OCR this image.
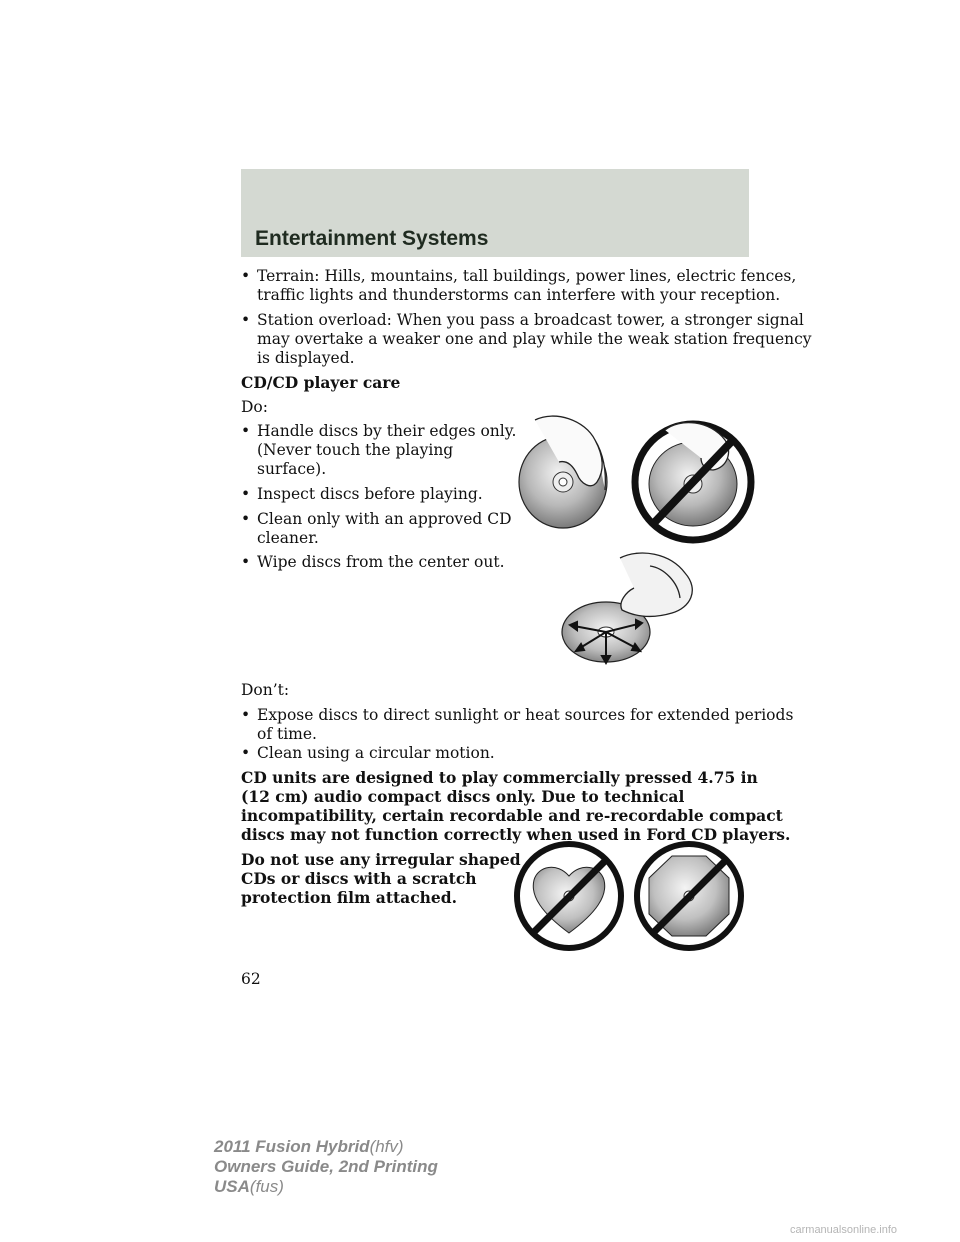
Entertainment Systems
• Terrain: Hills, mountains, tall buildings, power lines, electric fences,
traffic lights and thunderstorms can interfere with your reception.
• Station overload: When you pass a broadcast tower, a stronger signal
may overtake a weaker one and play while the weak station frequency
is displayed.
CD/CD player care
Do:
• Handle discs by their edges only.
(Never touch the playing
surface).
• Inspect discs before playing.
• Clean only with an approved CD
cleaner.
• Wipe discs from the center out.
Don’t:
• Expose discs to direct sunlight or heat sources for extended periods
of time.
• Clean using a circular motion.
CD units are designed to play commercially pressed 4.75 in
(12 cm) audio compact discs only. Due to technical
incompatibility, certain recordable and re-recordable compact
discs may not function correctly when used in Ford CD players.
Do not use any irregular shaped
CDs or discs with a scratch
protection film attached.
62
2011 Fusion Hybrid(hfv)
Owners Guide, 2nd Printing
USA(fus)
carmanualsonline.info
